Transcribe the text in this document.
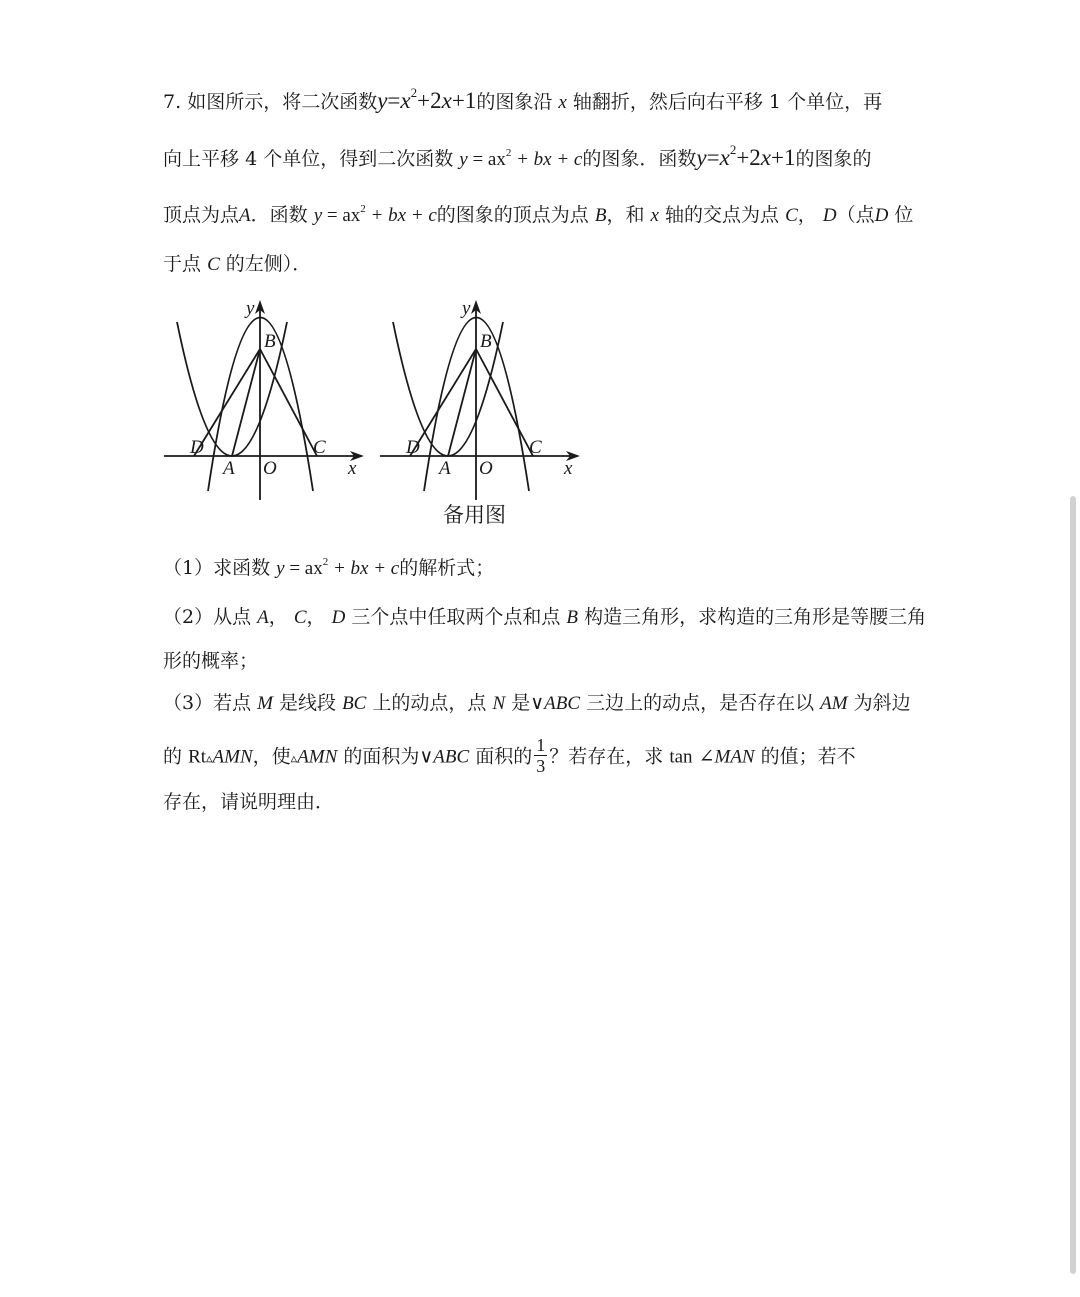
7. 如图所示，将二次函数$y=x^2+2x+1$的图象沿 x 轴翻折，然后向右平移 1 个单位，再
向上平移 4 个单位，得到二次函数 $y = ax^2$ + bx + c的图象．函数$y=x^2+2x+1$的图象的
顶点为点A．函数 $y = ax^2$ + bx + c的图象的顶点为点 B，和 x 轴的交点为点 C， D（点D 位
于点 C 的左侧）．
y
B
D	C
A O	x
y
B
D	C
A O	x
备用图
（1）求函数 $y = ax^2$ + bx + c的解析式；
（2）从点 A， C， D 三个点中任取两个点和点 B 构造三角形，求构造的三角形是等腰三角
形的概率；
（3）若点 M 是线段 BC 上的动点，点 N 是∨ABC 三边上的动点，是否存在以 AM 为斜边
的 Rt▵AMN，使▵AMN 的面积为∨ABC 面积的 $\frac{1}{3}$ ？若存在，求 tan ∠MAN 的值；若不
存在，请说明理由．
